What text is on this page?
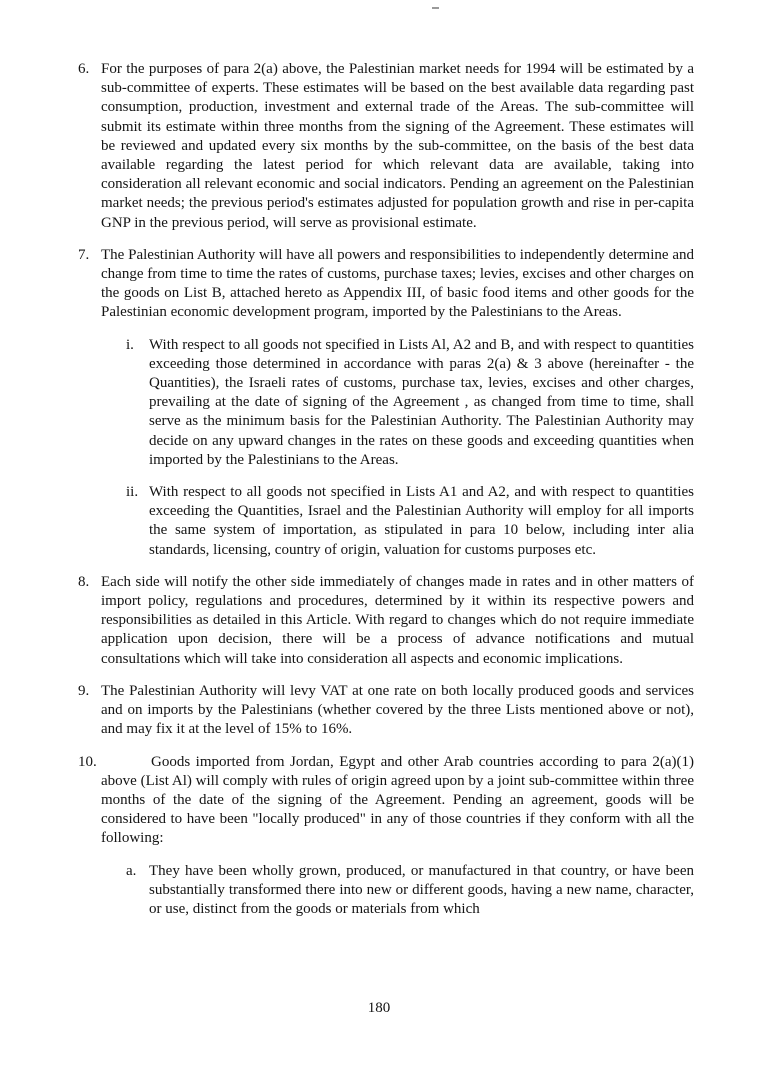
6. For the purposes of para 2(a) above, the Palestinian market needs for 1994 will be estimated by a sub-committee of experts. These estimates will be based on the best available data regarding past consumption, production, investment and external trade of the Areas. The sub-committee will submit its estimate within three months from the signing of the Agreement. These estimates will be reviewed and updated every six months by the sub-committee, on the basis of the best data available regarding the latest period for which relevant data are available, taking into consideration all relevant economic and social indicators. Pending an agreement on the Palestinian market needs; the previous period's estimates adjusted for population growth and rise in per-capita GNP in the previous period, will serve as provisional estimate.
7. The Palestinian Authority will have all powers and responsibilities to independently determine and change from time to time the rates of customs, purchase taxes; levies, excises and other charges on the goods on List B, attached hereto as Appendix III, of basic food items and other goods for the Palestinian economic development program, imported by the Palestinians to the Areas.
i.	With respect to all goods not specified in Lists Al, A2 and B, and with respect to quantities exceeding those determined in accordance with paras 2(a) & 3 above (hereinafter - the Quantities), the Israeli rates of customs, purchase tax, levies, excises and other charges, prevailing at the date of signing of the Agreement , as changed from time to time, shall serve as the minimum basis for the Palestinian Authority. The Palestinian Authority may decide on any upward changes in the rates on these goods and exceeding quantities when imported by the Palestinians to the Areas.
ii. With respect to all goods not specified in Lists A1 and A2, and with respect to quantities exceeding the Quantities, Israel and the Palestinian Authority will employ for all imports the same system of importation, as stipulated in para 10 below, including inter alia standards, licensing, country of origin, valuation for customs purposes etc.
8. Each side will notify the other side immediately of changes made in rates and in other matters of import policy, regulations and procedures, determined by it within its respective powers and responsibilities as detailed in this Article. With regard to changes which do not require immediate application upon decision, there will be a process of advance notifications and mutual consultations which will take into consideration all aspects and economic implications.
9. The Palestinian Authority will levy VAT at one rate on both locally produced goods and services and on imports by the Palestinians (whether covered by the three Lists mentioned above or not), and may fix it at the level of 15% to 16%.
10.	Goods imported from Jordan, Egypt and other Arab countries according to para 2(a)(1) above (List Al) will comply with rules of origin agreed upon by a joint sub-committee within three months of the date of the signing of the Agreement. Pending an agreement, goods will be considered to have been "locally produced" in any of those countries if they conform with all the following:
a. They have been wholly grown, produced, or manufactured in that country, or have been substantially transformed there into new or different goods, having a new name, character, or use, distinct from the goods or materials from which
180
